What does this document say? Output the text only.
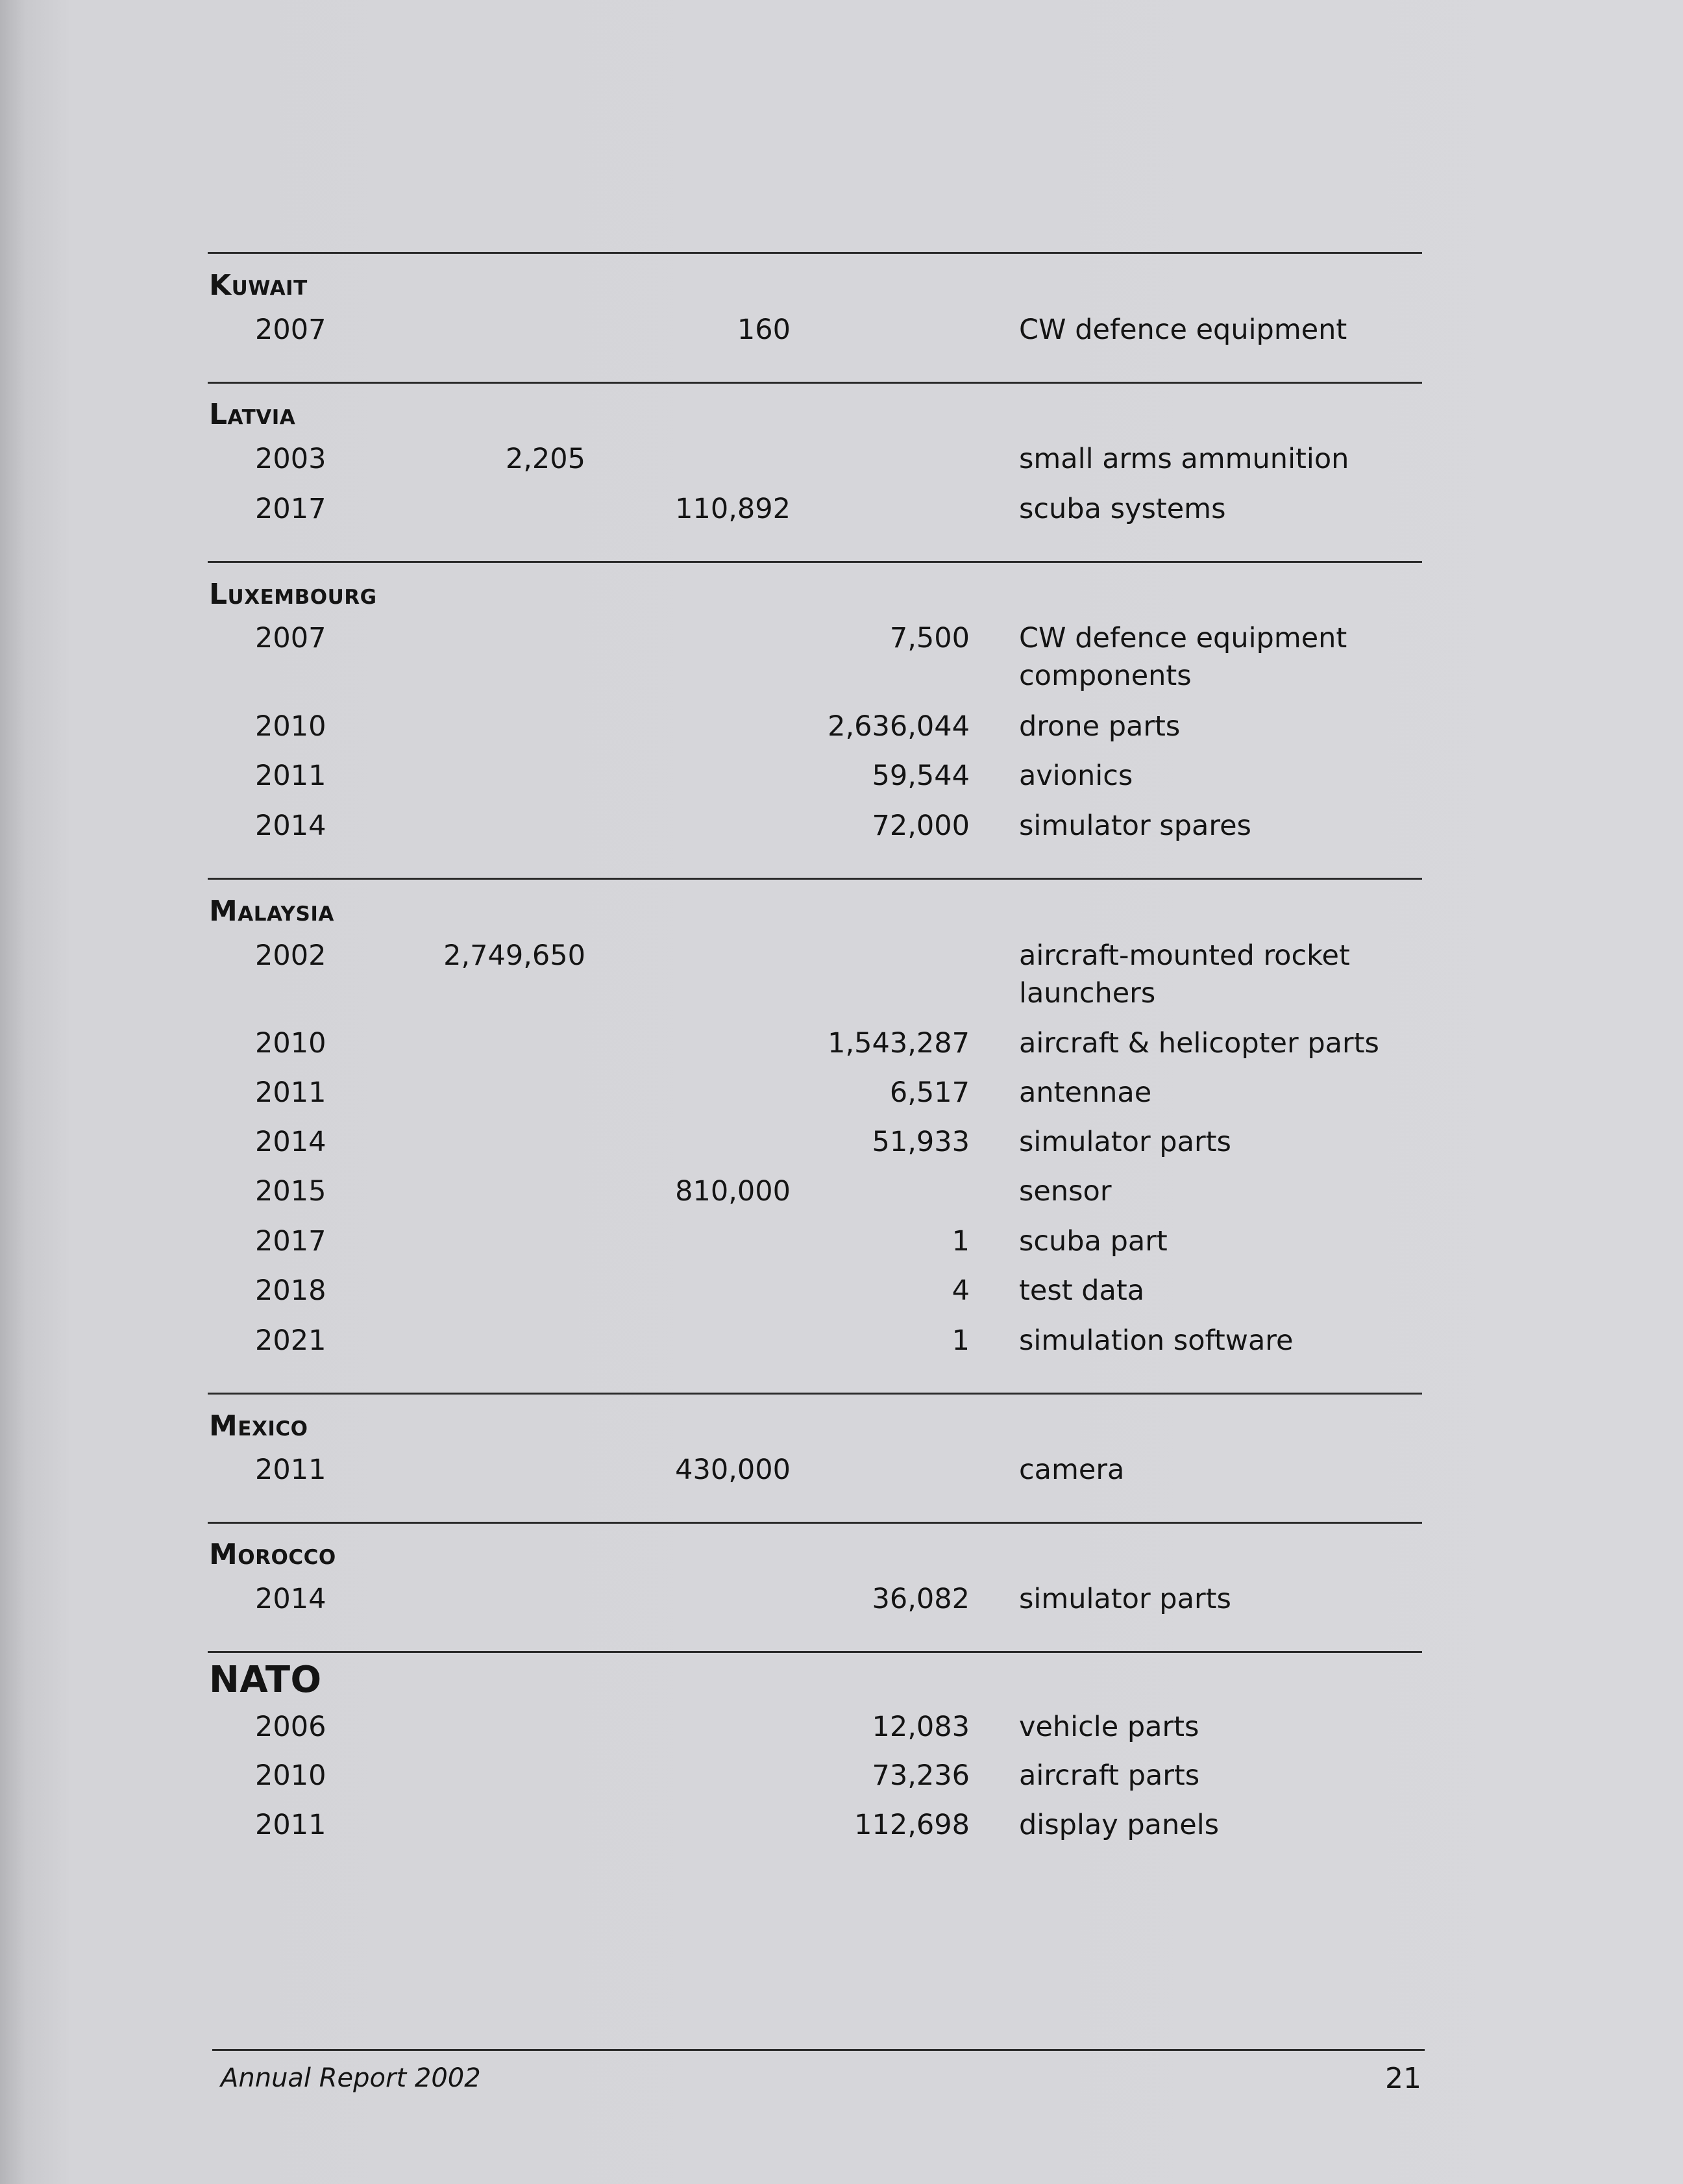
Kuwait
2007	160	CW defence equipment
Latvia
2003	2,205	small arms ammunition
2017	110,892	scuba systems
Luxembourg
2007	7,500 CW defence equipment components
2010	2,636,044 drone parts
2011	59,544 avionics
2014	72,000 simulator spares
Malaysia
2002	2,749,650	aircraft-mounted rocket launchers
2010	1,543,287 aircraft & helicopter parts
2011	6,517 antennae
2014	51,933 simulator parts
2015	810,000	sensor
2017	1 scuba part
2018	4 test data
2021	1 simulation software
Mexico
2011	430,000	camera
Morocco
2014	36,082 simulator parts
NATO
2006	12,083 vehicle parts
2010	73,236 aircraft parts
2011	112,698 display panels
Annual Report 2002	21
